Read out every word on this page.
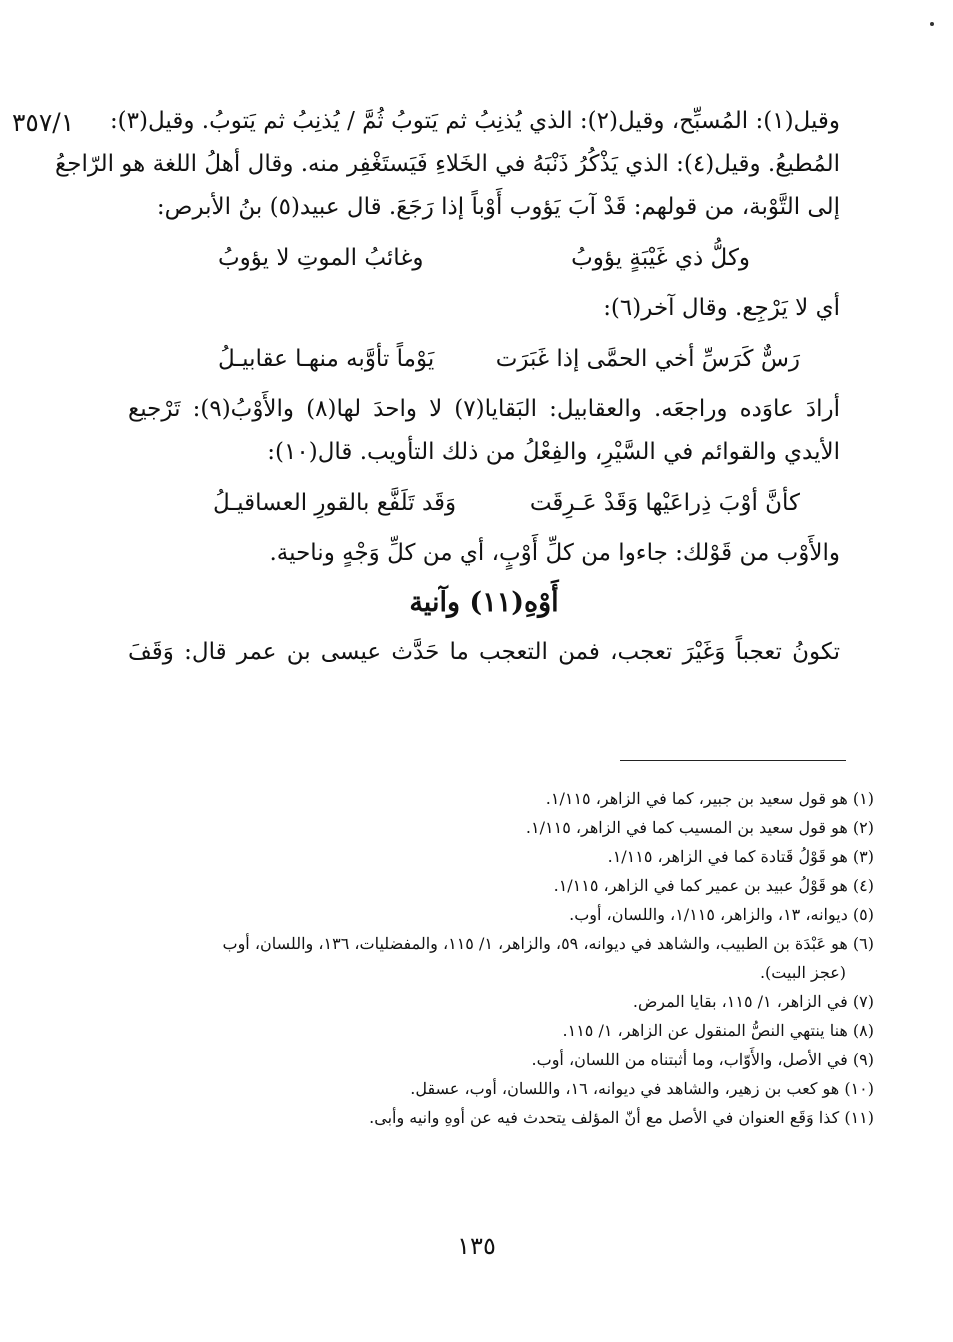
٣٥٧/١ وقيل(١): المُسبِّح، وقيل(٢): الذي يُذنِبُ ثم يَتوبُ ثُمَّ / يُذنِبُ ثم يَتوبُ. وقيل(٣):
المُطيعُ. وقيل(٤): الذي يَذْكُرُ ذَنْبَهُ في الخَلاءِ فَيَستَغْفِر منه. وقال أهلُ اللغة هو الرّاجعُ
إلى التَّوْبة، من قولهم: قَدْ آبَ يَؤوب أَوْباً إذا رَجَعَ. قال عبيد(٥) بنُ الأبرص:
وكلُّ ذي غَيْبَةٍ يؤوبُ
وغائبُ الموتِ لا يؤوبُ
أي لا يَرْجِع. وقال آخر(٦):
رَسٌّ كَرَسِّ أخي الحمَّى إذا غَبَرَت
يَوْماً تأوَّبه منهـا عقابيـلُ
أرادَ عاوَده وراجعَه. والعقابيل: البَقايا(٧) لا واحدَ لها(٨) والأَوْبُ(٩): تَرْجيع
الأيدي والقوائم في السَّيْرِ، والفِعْلُ من ذلك التأويب. قال(١٠):
كأنَّ أوْبَ ذِراعَيْها وَقَدْ عَـرِقَت
وَقَد تَلَفَّع بالقورِ العساقيـلُ
والأَوْب من قَوْلك: جاءوا من كلِّ أَوْبٍ، أي من كلِّ وَجْهٍ وناحية.
أَوْهِ(١١) وآنية
تكونُ تعجباً وَغَيْرَ تعجب، فمن التعجب ما حَدَّث عيسى بن عمر قال: وَقَفَ
(١) هو قول سعيد بن جبير، كما في الزاهر، ١/١١٥.
(٢) هو قول سعيد بن المسيب كما في الزاهر، ١/١١٥.
(٣) هو قَوْلُ قَتادة كما في الزاهر، ١/١١٥.
(٤) هو قَوْلُ عبيد بن عمير كما في الزاهر، ١/١١٥.
(٥) ديوانه، ١٣، والزاهر، ١/١١٥، واللسان، أوب.
(٦) هو عَبْدَة بن الطبيب، والشاهد في ديوانه، ٥٩، والزاهر، ١/ ١١٥، والمفضليات، ١٣٦، واللسان، أوب
(عجز البيت).
(٧) في الزاهر، ١/ ١١٥، بقايا المرض.
(٨) هنا ينتهي النصُّ المنقول عن الزاهر، ١/ ١١٥.
(٩) في الأصل، والأَوّاب، وما أثبتناه من اللسان، أوب.
(١٠) هو كعب بن زهير، والشاهد في ديوانه، ١٦، واللسان، أوب، عسقل.
(١١) كذا وَقَع العنوان في الأصل مع أنّ المؤلف يتحدث فيه عن أوهِ وانيه وأبى.
١٣٥
